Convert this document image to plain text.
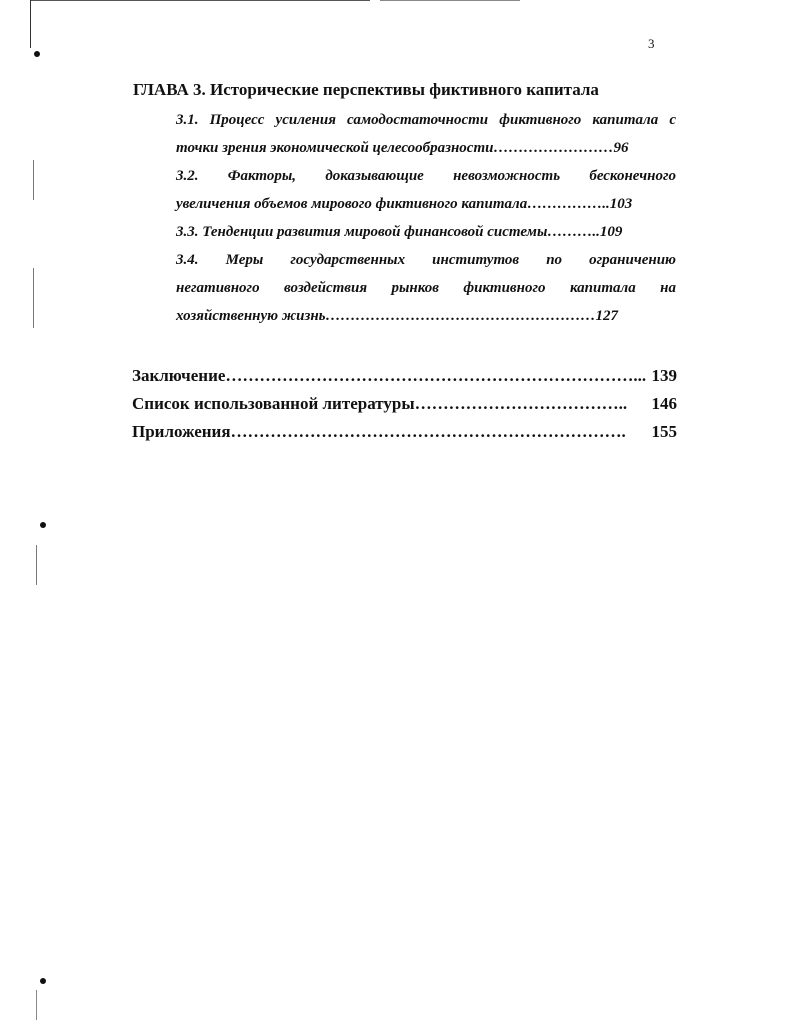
3
ГЛАВА 3. Исторические перспективы фиктивного капитала
3.1. Процесс усиления самодостаточности фиктивного капитала с
точки зрения экономической целесообразности……………………96
3.2. Факторы, доказывающие невозможность бесконечного
увеличения объемов мирового фиктивного капитала……………..103
3.3. Тенденции развития мировой финансовой системы………..109
3.4. Меры государственных институтов по ограничению
негативного воздействия рынков фиктивного капитала на
хозяйственную жизнь………………………………………………127
Заключение ………………………………………………………………... 139
Список использованной литературы ……………………………….. 146
Приложения ……………………………………………………………. 155
